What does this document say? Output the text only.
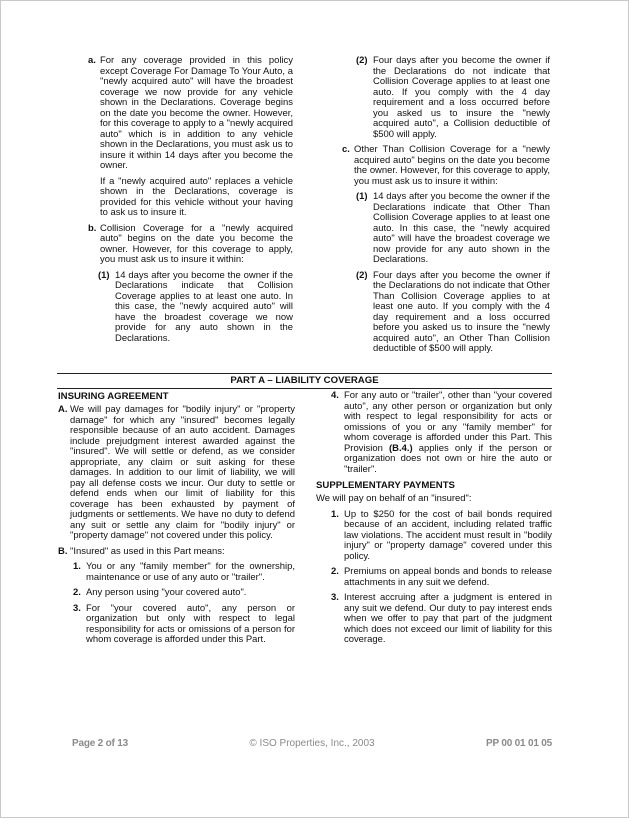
a. For any coverage provided in this policy except Coverage For Damage To Your Auto, a "newly acquired auto" will have the broadest coverage we now provide for any vehicle shown in the Declarations. Coverage begins on the date you become the owner. However, for this coverage to apply to a "newly acquired auto" which is in addition to any vehicle shown in the Declarations, you must ask us to insure it within 14 days after you become the owner.

If a "newly acquired auto" replaces a vehicle shown in the Declarations, coverage is provided for this vehicle without your having to ask us to insure it.

b. Collision Coverage for a "newly acquired auto" begins on the date you become the owner. However, for this coverage to apply, you must ask us to insure it within:

(1) 14 days after you become the owner if the Declarations indicate that Collision Coverage applies to at least one auto. In this case, the "newly acquired auto" will have the broadest coverage we now provide for any auto shown in the Declarations.

(2) Four days after you become the owner if the Declarations do not indicate that Collision Coverage applies to at least one auto. If you comply with the 4 day requirement and a loss occurred before you asked us to insure the "newly acquired auto", a Collision deductible of $500 will apply.

c. Other Than Collision Coverage for a "newly acquired auto" begins on the date you become the owner. However, for this coverage to apply, you must ask us to insure it within:

(1) 14 days after you become the owner if the Declarations indicate that Other Than Collision Coverage applies to at least one auto. In this case, the "newly acquired auto" will have the broadest coverage we now provide for any auto shown in the Declarations.

(2) Four days after you become the owner if the Declarations do not indicate that Other Than Collision Coverage applies to at least one auto. If you comply with the 4 day requirement and a loss occurred before you asked us to insure the "newly acquired auto", an Other Than Collision deductible of $500 will apply.

PART A – LIABILITY COVERAGE

INSURING AGREEMENT

A. We will pay damages for "bodily injury" or "property damage" for which any "insured" becomes legally responsible because of an auto accident. Damages include prejudgment interest awarded against the "insured". We will settle or defend, as we consider appropriate, any claim or suit asking for these damages. In addition to our limit of liability, we will pay all defense costs we incur. Our duty to settle or defend ends when our limit of liability for this coverage has been exhausted by payment of judgments or settlements. We have no duty to defend any suit or settle any claim for "bodily injury" or "property damage" not covered under this policy.

B. "Insured" as used in this Part means:

1. You or any "family member" for the ownership, maintenance or use of any auto or "trailer".

2. Any person using "your covered auto".

3. For "your covered auto", any person or organization but only with respect to legal responsibility for acts or omissions of a person for whom coverage is afforded under this Part.

4. For any auto or "trailer", other than "your covered auto", any other person or organization but only with respect to legal responsibility for acts or omissions of you or any "family member" for whom coverage is afforded under this Part. This Provision (B.4.) applies only if the person or organization does not own or hire the auto or "trailer".

SUPPLEMENTARY PAYMENTS

We will pay on behalf of an "insured":

1. Up to $250 for the cost of bail bonds required because of an accident, including related traffic law violations. The accident must result in "bodily injury" or "property damage" covered under this policy.

2. Premiums on appeal bonds and bonds to release attachments in any suit we defend.

3. Interest accruing after a judgment is entered in any suit we defend. Our duty to pay interest ends when we offer to pay that part of the judgment which does not exceed our limit of liability for this coverage.

Page 2 of 13	© ISO Properties, Inc., 2003	PP 00 01 01 05
